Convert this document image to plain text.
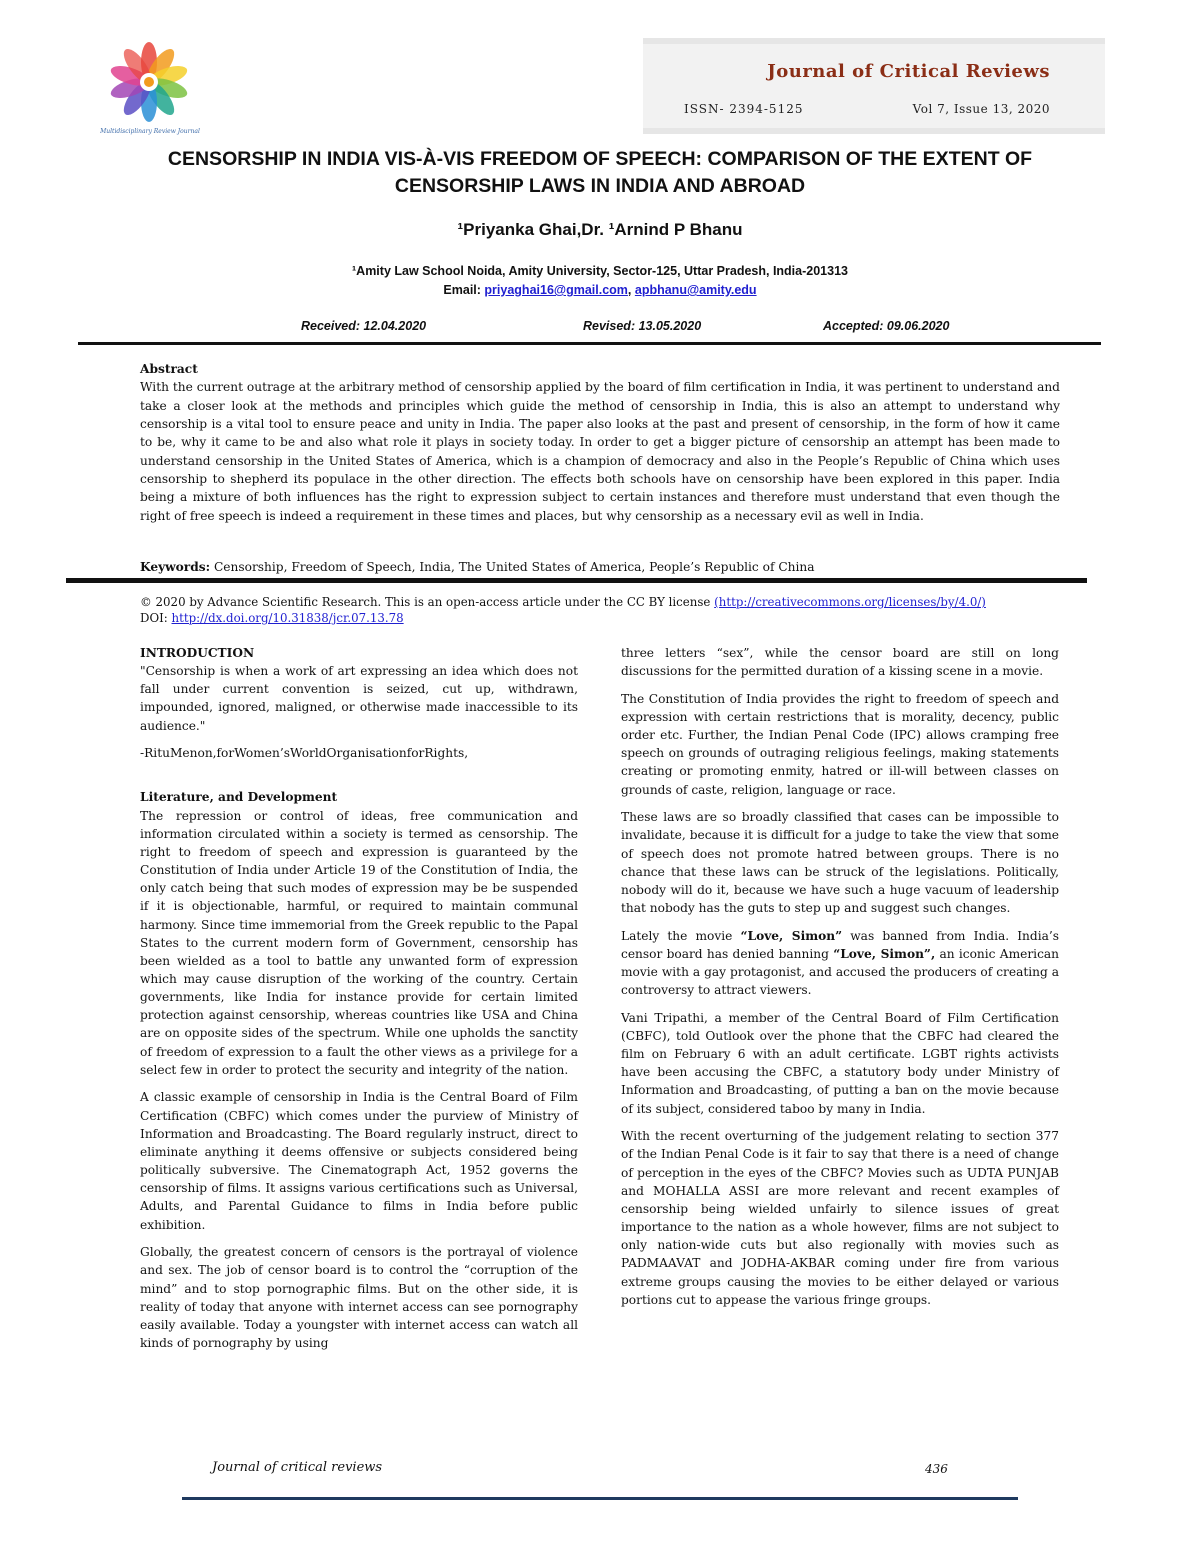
Multidisciplinary Review Journal
Journal of Critical Reviews
ISSN- 2394-5125	Vol 7, Issue 13, 2020
CENSORSHIP IN INDIA VIS-À-VIS FREEDOM OF SPEECH: COMPARISON OF THE EXTENT OF CENSORSHIP LAWS IN INDIA AND ABROAD
¹Priyanka Ghai,Dr. ¹Arnind P Bhanu
¹Amity Law School Noida, Amity University, Sector-125, Uttar Pradesh, India-201313
Email: priyaghai16@gmail.com, apbhanu@amity.edu
Received: 12.04.2020	Revised: 13.05.2020	Accepted: 09.06.2020
Abstract

With the current outrage at the arbitrary method of censorship applied by the board of film certification in India, it was pertinent to understand and take a closer look at the methods and principles which guide the method of censorship in India, this is also an attempt to understand why censorship is a vital tool to ensure peace and unity in India. The paper also looks at the past and present of censorship, in the form of how it came to be, why it came to be and also what role it plays in society today. In order to get a bigger picture of censorship an attempt has been made to understand censorship in the United States of America, which is a champion of democracy and also in the People’s Republic of China which uses censorship to shepherd its populace in the other direction. The effects both schools have on censorship have been explored in this paper. India being a mixture of both influences has the right to expression subject to certain instances and therefore must understand that even though the right of free speech is indeed a requirement in these times and places, but why censorship as a necessary evil as well in India.

Keywords: Censorship, Freedom of Speech, India, The United States of America, People’s Republic of China
© 2020 by Advance Scientific Research. This is an open-access article under the CC BY license (http://creativecommons.org/licenses/by/4.0/)
DOI: http://dx.doi.org/10.31838/jcr.07.13.78
INTRODUCTION

"Censorship is when a work of art expressing an idea which does not fall under current convention is seized, cut up, withdrawn, impounded, ignored, maligned, or otherwise made inaccessible to its audience."

-RituMenon,forWomen’sWorldOrganisationforRights,

Literature, and Development

The repression or control of ideas, free communication and information circulated within a society is termed as censorship. The right to freedom of speech and expression is guaranteed by the Constitution of India under Article 19 of the Constitution of India, the only catch being that such modes of expression may be be suspended if it is objectionable, harmful, or required to maintain communal harmony. Since time immemorial from the Greek republic to the Papal States to the current modern form of Government, censorship has been wielded as a tool to battle any unwanted form of expression which may cause disruption of the working of the country. Certain governments, like India for instance provide for certain limited protection against censorship, whereas countries like USA and China are on opposite sides of the spectrum. While one upholds the sanctity of freedom of expression to a fault the other views as a privilege for a select few in order to protect the security and integrity of the nation.

A classic example of censorship in India is the Central Board of Film Certification (CBFC) which comes under the purview of Ministry of Information and Broadcasting. The Board regularly instruct, direct to eliminate anything it deems offensive or subjects considered being politically subversive. The Cinematograph Act, 1952 governs the censorship of films. It assigns various certifications such as Universal, Adults, and Parental Guidance to films in India before public exhibition.

Globally, the greatest concern of censors is the portrayal of violence and sex. The job of censor board is to control the “corruption of the mind” and to stop pornographic films. But on the other side, it is reality of today that anyone with internet access can see pornography easily available. Today a youngster with internet access can watch all kinds of pornography by using

three letters “sex”, while the censor board are still on long discussions for the permitted duration of a kissing scene in a movie.

The Constitution of India provides the right to freedom of speech and expression with certain restrictions that is morality, decency, public order etc. Further, the Indian Penal Code (IPC) allows cramping free speech on grounds of outraging religious feelings, making statements creating or promoting enmity, hatred or ill-will between classes on grounds of caste, religion, language or race.

These laws are so broadly classified that cases can be impossible to invalidate, because it is difficult for a judge to take the view that some of speech does not promote hatred between groups. There is no chance that these laws can be struck of the legislations. Politically, nobody will do it, because we have such a huge vacuum of leadership that nobody has the guts to step up and suggest such changes.

Lately the movie “Love, Simon” was banned from India. India’s censor board has denied banning “Love, Simon”, an iconic American movie with a gay protagonist, and accused the producers of creating a controversy to attract viewers.

Vani Tripathi, a member of the Central Board of Film Certification (CBFC), told Outlook over the phone that the CBFC had cleared the film on February 6 with an adult certificate. LGBT rights activists have been accusing the CBFC, a statutory body under Ministry of Information and Broadcasting, of putting a ban on the movie because of its subject, considered taboo by many in India.

With the recent overturning of the judgement relating to section 377 of the Indian Penal Code is it fair to say that there is a need of change of perception in the eyes of the CBFC? Movies such as UDTA PUNJAB and MOHALLA ASSI are more relevant and recent examples of censorship being wielded unfairly to silence issues of great importance to the nation as a whole however, films are not subject to only nation-wide cuts but also regionally with movies such as PADMAAVAT and JODHA-AKBAR coming under fire from various extreme groups causing the movies to be either delayed or various portions cut to appease the various fringe groups.

Journal of critical reviews	436
